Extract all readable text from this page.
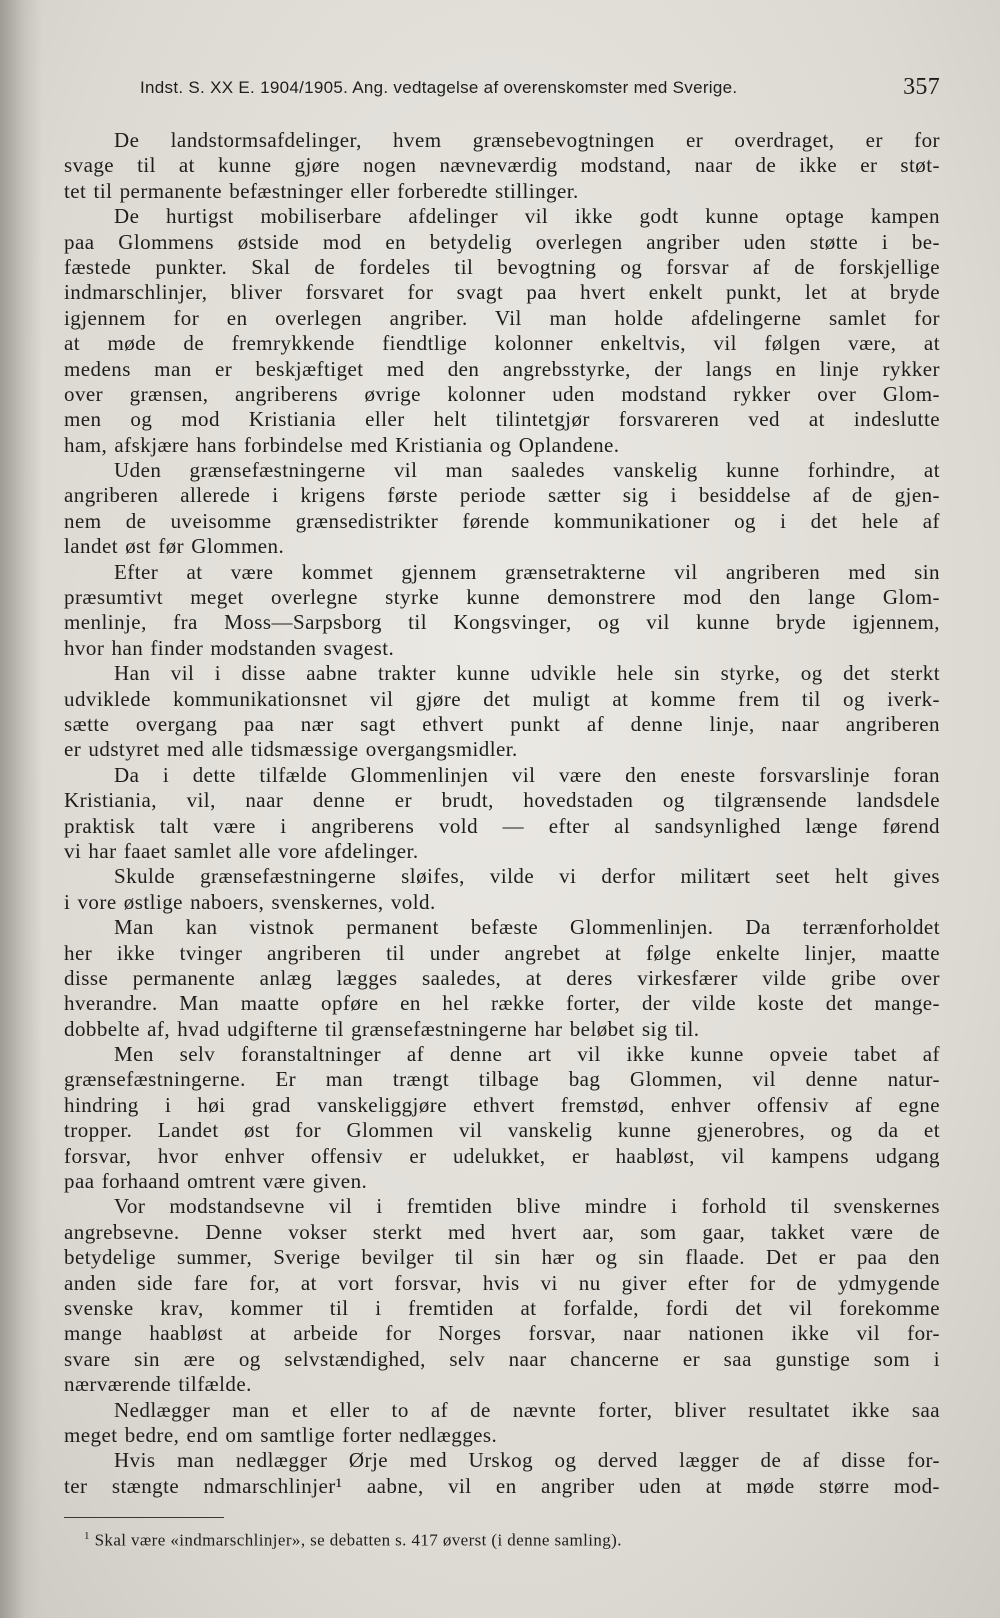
Indst. S. XX E. 1904/1905. Ang. vedtagelse af overenskomster med Sverige.	357
De landstormsafdelinger, hvem grænsebevogtningen er overdraget, er for
svage til at kunne gjøre nogen nævneværdig modstand, naar de ikke er støt-
tet til permanente befæstninger eller forberedte stillinger.
De hurtigst mobiliserbare afdelinger vil ikke godt kunne optage kampen
paa Glommens østside mod en betydelig overlegen angriber uden støtte i be-
fæstede punkter. Skal de fordeles til bevogtning og forsvar af de forskjellige
indmarschlinjer, bliver forsvaret for svagt paa hvert enkelt punkt, let at bryde
igjennem for en overlegen angriber. Vil man holde afdelingerne samlet for
at møde de fremrykkende fiendtlige kolonner enkeltvis, vil følgen være, at
medens man er beskjæftiget med den angrebsstyrke, der langs en linje rykker
over grænsen, angriberens øvrige kolonner uden modstand rykker over Glom-
men og mod Kristiania eller helt tilintetgjør forsvareren ved at indeslutte
ham, afskjære hans forbindelse med Kristiania og Oplandene.
Uden grænsefæstningerne vil man saaledes vanskelig kunne forhindre, at
angriberen allerede i krigens første periode sætter sig i besiddelse af de gjen-
nem de uveisomme grænsedistrikter førende kommunikationer og i det hele af
landet øst før Glommen.
Efter at være kommet gjennem grænsetrakterne vil angriberen med sin
præsumtivt meget overlegne styrke kunne demonstrere mod den lange Glom-
menlinje, fra Moss—Sarpsborg til Kongsvinger, og vil kunne bryde igjennem,
hvor han finder modstanden svagest.
Han vil i disse aabne trakter kunne udvikle hele sin styrke, og det sterkt
udviklede kommunikationsnet vil gjøre det muligt at komme frem til og iverk-
sætte overgang paa nær sagt ethvert punkt af denne linje, naar angriberen
er udstyret med alle tidsmæssige overgangsmidler.
Da i dette tilfælde Glommenlinjen vil være den eneste forsvarslinje foran
Kristiania, vil, naar denne er brudt, hovedstaden og tilgrænsende landsdele
praktisk talt være i angriberens vold — efter al sandsynlighed længe førend
vi har faaet samlet alle vore afdelinger.
Skulde grænsefæstningerne sløifes, vilde vi derfor militært seet helt gives
i vore østlige naboers, svenskernes, vold.
Man kan vistnok permanent befæste Glommenlinjen. Da terrænforholdet
her ikke tvinger angriberen til under angrebet at følge enkelte linjer, maatte
disse permanente anlæg lægges saaledes, at deres virkesfærer vilde gribe over
hverandre. Man maatte opføre en hel række forter, der vilde koste det mange-
dobbelte af, hvad udgifterne til grænsefæstningerne har beløbet sig til.
Men selv foranstaltninger af denne art vil ikke kunne opveie tabet af
grænsefæstningerne. Er man trængt tilbage bag Glommen, vil denne natur-
hindring i høi grad vanskeliggjøre ethvert fremstød, enhver offensiv af egne
tropper. Landet øst for Glommen vil vanskelig kunne gjenerobres, og da et
forsvar, hvor enhver offensiv er udelukket, er haabløst, vil kampens udgang
paa forhaand omtrent være given.
Vor modstandsevne vil i fremtiden blive mindre i forhold til svenskernes
angrebsevne. Denne vokser sterkt med hvert aar, som gaar, takket være de
betydelige summer, Sverige bevilger til sin hær og sin flaade. Det er paa den
anden side fare for, at vort forsvar, hvis vi nu giver efter for de ydmygende
svenske krav, kommer til i fremtiden at forfalde, fordi det vil forekomme
mange haabløst at arbeide for Norges forsvar, naar nationen ikke vil for-
svare sin ære og selvstændighed, selv naar chancerne er saa gunstige som i
nærværende tilfælde.
Nedlægger man et eller to af de nævnte forter, bliver resultatet ikke saa
meget bedre, end om samtlige forter nedlægges.
Hvis man nedlægger Ørje med Urskog og derved lægger de af disse for-
ter stængte ndmarschlinjer¹ aabne, vil en angriber uden at møde større mod-
$^1$ Skal være «indmarschlinjer», se debatten s. 417 øverst (i denne samling).
